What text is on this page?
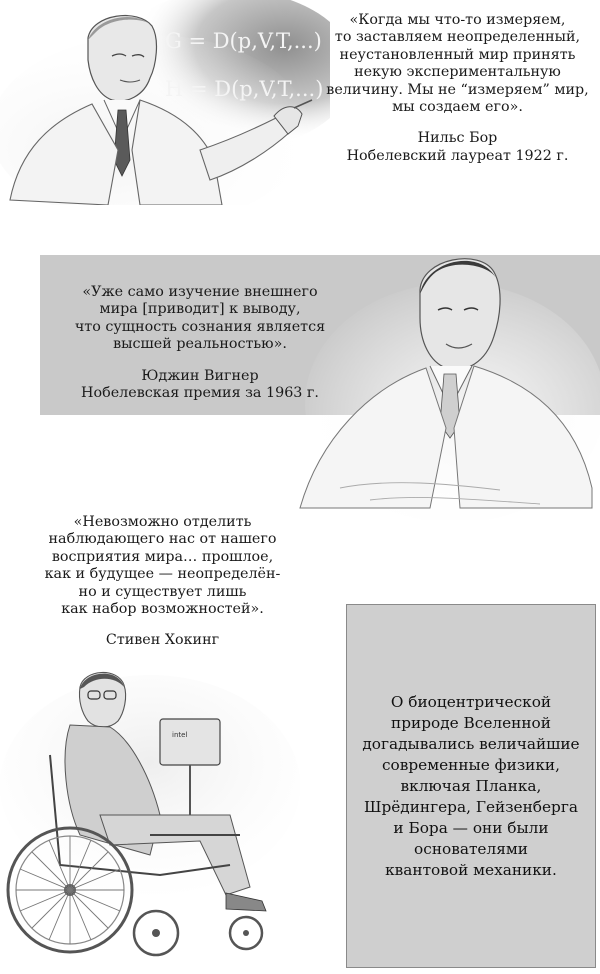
G = D(p,V,T,...)
H = D(p,V,T,...)
«Когда мы что-то измеряем,
то заставляем неопределенный,
неустановленный мир принять
некую экспериментальную
величину. Мы не “измеряем” мир,
мы создаем его».
Нильс Бор
Нобелевский лауреат 1922 г.
«Уже само изучение внешнего
мира [приводит] к выводу,
что сущность сознания является
высшей реальностью».
Юджин Вигнер
Нобелевская премия за 1963 г.
«Невозможно отделить
наблюдающего нас от нашего
восприятия мира… прошлое,
как и будущее — неопределён-
но и существует лишь
как набор возможностей».
Стивен Хокинг
intel
О биоцентрической
природе Вселенной
догадывались величайшие
современные физики,
включая Планка,
Шрёдингера, Гейзенберга
и Бора — они были
основателями
квантовой механики.
